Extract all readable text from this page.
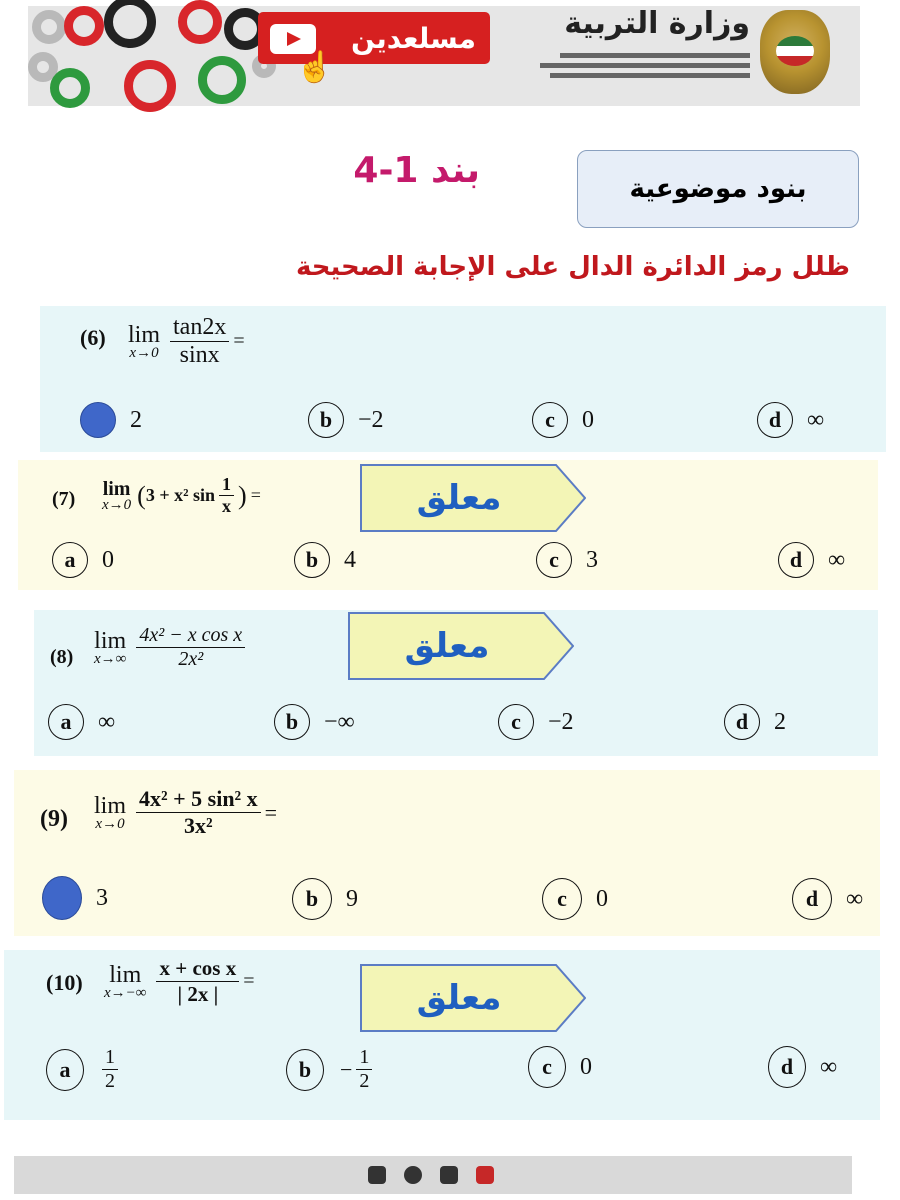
مسلعدين
☝
وزارة التربية
بنود موضوعية
بند 1-4
ظلل رمز الدائرة الدال على الإجابة الصحيحة
(6) lim
$x\to 0 \frac{\tan 2x}{\sin x}$ =
2	b	−2	c	0	d	∞
(7) lim
x→0 ( 3 + x² $\sin \frac{1}{x}$ ) =	معلق
a	0	b	4	c	3	d	∞
(8)
lim
$x\to\infty \frac{\text{4x² − x cos x}}{\text{2x²}}$	معلق
a	∞	b	−∞	c	−2	d	2
(9)
lim
$x\to 0 \frac{\text{4x² + 5 sin² x}}{\text{3x²}}$ =
3	b	9	c	0	d	∞
(10) lim
$x\to-\infty \frac{\text{x + cos x}}{| 2x |}$ =	معلق
a	$\frac{1}{2}$	b	− $\frac{1}{2}$	c	0	d	∞
